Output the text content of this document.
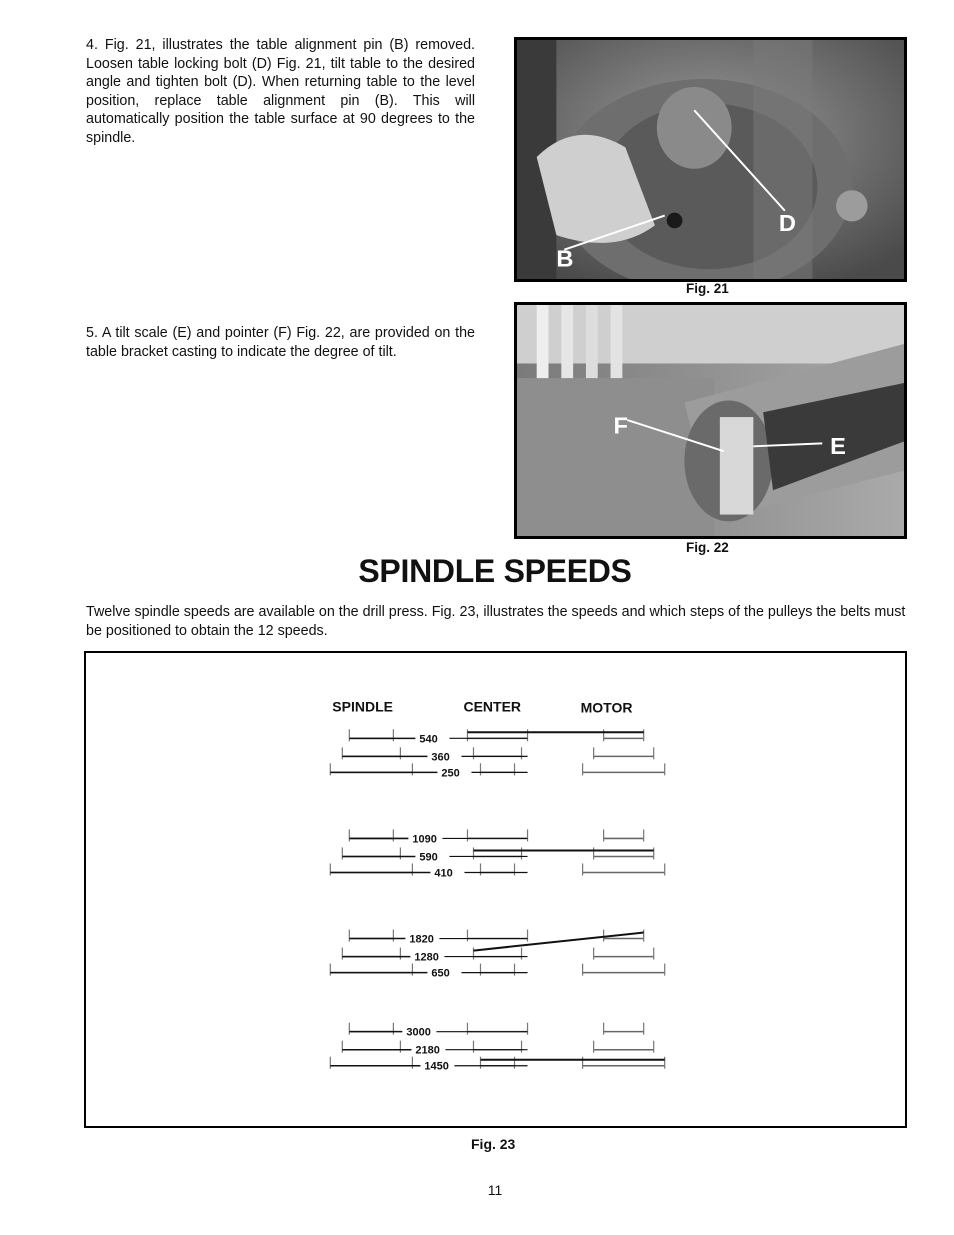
4. Fig. 21, illustrates the table alignment pin (B) removed. Loosen table locking bolt (D) Fig. 21, tilt table to the desired angle and tighten bolt (D). When returning table to the level position, replace table alignment pin (B). This will automatically position the table surface at 90 degrees to the spindle.

B
D
Fig. 21

5. A tilt scale (E) and pointer (F) Fig. 22, are provided on the table bracket casting to indicate the degree of tilt.

F
E
Fig. 22
SPINDLE SPEEDS

Twelve spindle speeds are available on the drill press. Fig. 23, illustrates the speeds and which steps of the pulleys the belts must be positioned to obtain the 12 speeds.

SPINDLE	CENTER	MOTOR
540
360
250
1090
590
410
1820
1280
650
3000
2180
1450
Fig. 23
11
